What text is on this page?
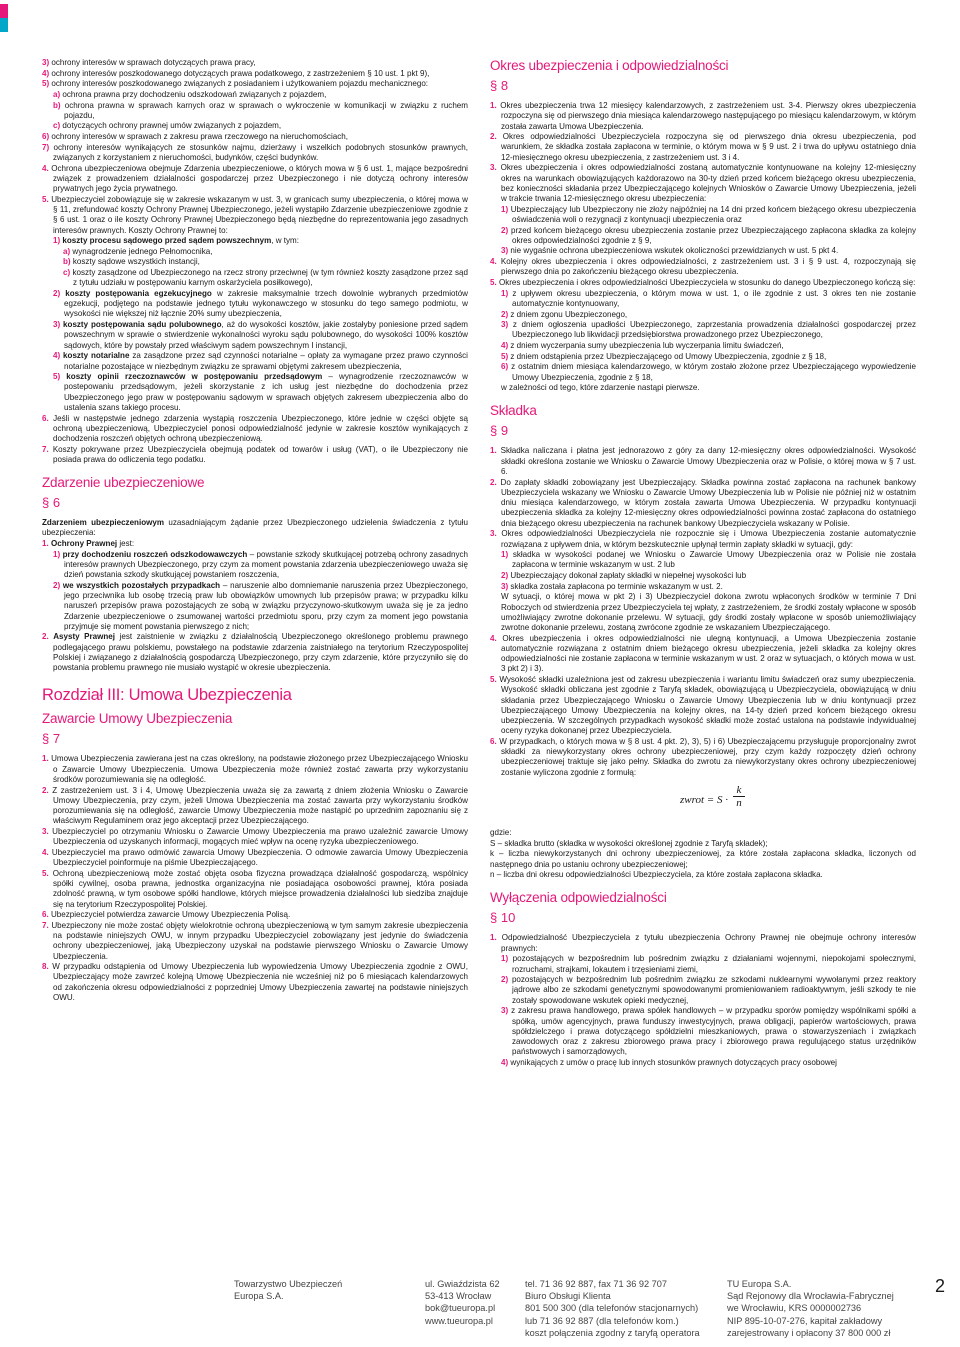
3) ochrony interesów w sprawach dotyczących prawa pracy,
4) ochrony interesów poszkodowanego dotyczących prawa podatkowego, z zastrzeżeniem § 10 ust. 1 pkt 9),
5) ochrony interesów poszkodowanego związanych z posiadaniem i użytkowaniem pojazdu mechanicznego:
a) ochrona prawna przy dochodzeniu odszkodowań związanych z pojazdem,
b) ochrona prawna w sprawach karnych oraz w sprawach o wykroczenie w komunikacji w związku z ruchem pojazdu,
c) dotyczących ochrony prawnej umów związanych z pojazdem,
6) ochrony interesów w sprawach z zakresu prawa rzeczowego na nieruchomościach,
7) ochrony interesów wynikających ze stosunków najmu, dzierżawy i wszelkich podobnych stosunków prawnych, związanych z korzystaniem z nieruchomości, budynków, części budynków.
4. Ochrona ubezpieczeniowa obejmuje Zdarzenia ubezpieczeniowe, o których mowa w § 6 ust. 1, mające bezpośredni związek z prowadzeniem działalności gospodarczej przez Ubezpieczonego i nie dotyczą ochrony interesów prywatnych jego życia prywatnego.
5. Ubezpieczyciel zobowiązuje się w zakresie wskazanym w ust. 3, w granicach sumy ubezpieczenia, o której mowa w § 11, zrefundować koszty Ochrony Prawnej Ubezpieczonego, jeżeli wystąpiło Zdarzenie ubezpieczeniowe zgodnie z § 6 ust. 1 oraz o ile koszty Ochrony Prawnej Ubezpieczonego będą niezbędne do reprezentowania jego zasadnych interesów prawnych. Koszty Ochrony Prawnej to:
1) koszty procesu sądowego przed sądem powszechnym, w tym:
a) wynagrodzenie jednego Pełnomocnika,
b) koszty sądowe wszystkich instancji,
c) koszty zasądzone od Ubezpieczonego na rzecz strony przeciwnej (w tym również koszty zasądzone przez sąd z tytułu udziału w postępowaniu karnym oskarżyciela posiłkowego),
2) koszty postępowania egzekucyjnego w zakresie maksymalnie trzech dowolnie wybranych przedmiotów egzekucji, podjętego na podstawie jednego tytułu wykonawczego w stosunku do tego samego podmiotu, w wysokości nie większej niż łącznie 20% sumy ubezpieczenia,
3) koszty postępowania sądu polubownego, aż do wysokości kosztów, jakie zostałyby poniesione przed sądem powszechnym w sprawie o stwierdzenie wykonalności wyroku sądu polubownego, do wysokości 100% kosztów sądowych, które by powstały przed właściwym sądem powszechnym I instancji,
4) koszty notarialne za zasądzone przez sąd czynności notarialne – opłaty za wymagane przez prawo czynności notarialne pozostające w niezbędnym związku ze sprawami objętymi zakresem ubezpieczenia,
5) koszty opinii rzeczoznawców w postępowaniu przedsądowym – wynagrodzenie rzeczoznawców w postepowaniu przedsądowym, jeżeli skorzystanie z ich usług jest niezbędne do dochodzenia przez Ubezpieczonego jego praw w postępowaniu sądowym w sprawach objętych zakresem ubezpieczenia albo do ustalenia szans takiego procesu.
6. Jeśli w następstwie jednego zdarzenia wystąpią roszczenia Ubezpieczonego, które jednie w części objęte są ochroną ubezpieczeniową, Ubezpieczyciel ponosi odpowiedzialność jedynie w zakresie kosztów wynikających z dochodzenia roszczeń objętych ochroną ubezpieczeniową.
7. Koszty pokrywane przez Ubezpieczyciela obejmują podatek od towarów i usług (VAT), o ile Ubezpieczony nie posiada prawa do odliczenia tego podatku.
Zdarzenie ubezpieczeniowe
§ 6
Zdarzeniem ubezpieczeniowym uzasadniającym żądanie przez Ubezpieczonego udzielenia świadczenia z tytułu ubezpieczenia:
1. Ochrony Prawnej jest:
1) przy dochodzeniu roszczeń odszkodowawczych – powstanie szkody skutkującej potrzebą ochrony zasadnych interesów prawnych Ubezpieczonego, przy czym za moment powstania zdarzenia ubezpieczeniowego uważa się dzień powstania szkody skutkującej powstaniem roszczenia,
2) we wszystkich pozostałych przypadkach – naruszenie albo domniemanie naruszenia przez Ubezpieczonego, jego przeciwnika lub osobę trzecią praw lub obowiązków umownych lub przepisów prawa; w przypadku kilku naruszeń przepisów prawa pozostających ze sobą w związku przyczynowo-skutkowym uważa się je za jedno Zdarzenie ubezpieczeniowe o zsumowanej wartości przedmiotu sporu, przy czym za moment jego powstania przyjmuje się moment powstania pierwszego z nich;
2. Asysty Prawnej jest zaistnienie w związku z działalnością Ubezpieczonego określonego problemu prawnego podlegającego prawu polskiemu, powstałego na podstawie zdarzenia zaistniałego na terytorium Rzeczypospolitej Polskiej i związanego z działalnością gospodarczą Ubezpieczonego, przy czym zdarzenie, które przyczyniło się do powstania problemu prawnego nie musiało wystąpić w okresie ubezpieczenia.
Rozdział III: Umowa Ubezpieczenia
Zawarcie Umowy Ubezpieczenia
§ 7
1. Umowa Ubezpieczenia zawierana jest na czas określony, na podstawie złożonego przez Ubezpieczającego Wniosku o Zawarcie Umowy Ubezpieczenia. Umowa Ubezpieczenia może również zostać zawarta przy wykorzystaniu środków porozumiewania się na odległość.
2. Z zastrzeżeniem ust. 3 i 4, Umowę Ubezpieczenia uważa się za zawartą z dniem złożenia Wniosku o Zawarcie Umowy Ubezpieczenia, przy czym, jeżeli Umowa Ubezpieczenia ma zostać zawarta przy wykorzystaniu środków porozumiewania się na odległość, zawarcie Umowy Ubezpieczenia może nastąpić po uprzednim zapoznaniu się z właściwym Regulaminem oraz jego akceptacji przez Ubezpieczającego.
3. Ubezpieczyciel po otrzymaniu Wniosku o Zawarcie Umowy Ubezpieczenia ma prawo uzależnić zawarcie Umowy Ubezpieczenia od uzyskanych informacji, mogących mieć wpływ na ocenę ryzyka ubezpieczeniowego.
4. Ubezpieczyciel ma prawo odmówić zawarcia Umowy Ubezpieczenia. O odmowie zawarcia Umowy Ubezpieczenia Ubezpieczyciel poinformuje na piśmie Ubezpieczającego.
5. Ochroną ubezpieczeniową może zostać objęta osoba fizyczna prowadząca działalność gospodarczą, wspólnicy spółki cywilnej, osoba prawna, jednostka organizacyjna nie posiadająca osobowości prawnej, która posiada zdolność prawną, w tym osobowe spółki handlowe, których miejsce prowadzenia działalności lub siedziba znajduje się na terytorium Rzeczypospolitej Polskiej.
6. Ubezpieczyciel potwierdza zawarcie Umowy Ubezpieczenia Polisą.
7. Ubezpieczony nie może zostać objęty wielokrotnie ochroną ubezpieczeniową w tym samym zakresie ubezpieczenia na podstawie niniejszych OWU, w innym przypadku Ubezpieczyciel zobowiązany jest jedynie do świadczenia ochrony ubezpieczeniowej, jaką Ubezpieczony uzyskał na podstawie pierwszego Wniosku o Zawarcie Umowy Ubezpieczenia.
8. W przypadku odstąpienia od Umowy Ubezpieczenia lub wypowiedzenia Umowy Ubezpieczenia zgodnie z OWU, Ubezpieczający może zawrzeć kolejną Umowę Ubezpieczenia nie wcześniej niż po 6 miesiącach kalendarzowych od zakończenia okresu odpowiedzialności z poprzedniej Umowy Ubezpieczenia zawartej na podstawie niniejszych OWU.
Okres ubezpieczenia i odpowiedzialności
§ 8
1. Okres ubezpieczenia trwa 12 miesięcy kalendarzowych, z zastrzeżeniem ust. 3-4. Pierwszy okres ubezpieczenia rozpoczyna się od pierwszego dnia miesiąca kalendarzowego następującego po miesiącu kalendarzowym, w którym została zawarta Umowa Ubezpieczenia.
2. Okres odpowiedzialności Ubezpieczyciela rozpoczyna się od pierwszego dnia okresu ubezpieczenia, pod warunkiem, że składka została zapłacona w terminie, o którym mowa w § 9 ust. 2 i trwa do upływu ostatniego dnia 12-miesięcznego okresu ubezpieczenia, z zastrzeżeniem ust. 3 i 4.
3. Okres ubezpieczenia i okres odpowiedzialności zostaną automatycznie kontynuowane na kolejny 12-miesięczny okres na warunkach obowiązujących każdorazowo na 30-ty dzień przed końcem bieżącego okresu ubezpieczenia, bez konieczności składania przez Ubezpieczającego kolejnych Wniosków o Zawarcie Umowy Ubezpieczenia, jeżeli w trakcie trwania 12-miesięcznego okresu ubezpieczenia:
1) Ubezpieczający lub Ubezpieczony nie złoży najpóźniej na 14 dni przed końcem bieżącego okresu ubezpieczenia oświadczenia woli o rezygnacji z kontynuacji ubezpieczenia oraz
2) przed końcem bieżącego okresu ubezpieczenia zostanie przez Ubezpieczającego zapłacona składka za kolejny okres odpowiedzialności zgodnie z § 9,
3) nie wygaśnie ochrona ubezpieczeniowa wskutek okoliczności przewidzianych w ust. 5 pkt 4.
4. Kolejny okres ubezpieczenia i okres odpowiedzialności, z zastrzeżeniem ust. 3 i § 9 ust. 4, rozpoczynają się pierwszego dnia po zakończeniu bieżącego okresu ubezpieczenia.
5. Okres ubezpieczenia i okres odpowiedzialności Ubezpieczyciela w stosunku do danego Ubezpieczonego kończą się:
1) z upływem okresu ubezpieczenia, o którym mowa w ust. 1, o ile zgodnie z ust. 3 okres ten nie zostanie automatycznie kontynuowany,
2) z dniem zgonu Ubezpieczonego,
3) z dniem ogłoszenia upadłości Ubezpieczonego, zaprzestania prowadzenia działalności gospodarczej przez Ubezpieczonego lub likwidacji przedsiębiorstwa prowadzonego przez Ubezpieczonego,
4) z dniem wyczerpania sumy ubezpieczenia lub wyczerpania limitu świadczeń,
5) z dniem odstąpienia przez Ubezpieczającego od Umowy Ubezpieczenia, zgodnie z § 18,
6) z ostatnim dniem miesiąca kalendarzowego, w którym zostało złożone przez Ubezpieczającego wypowiedzenie Umowy Ubezpieczenia, zgodnie z § 18,
w zależności od tego, które zdarzenie nastąpi pierwsze.
Składka
§ 9
1. Składka naliczana i płatna jest jednorazowo z góry za dany 12-miesięczny okres odpowiedzialności. Wysokość składki określona zostanie we Wniosku o Zawarcie Umowy Ubezpieczenia oraz w Polisie, o której mowa w § 7 ust. 6.
2. Do zapłaty składki zobowiązany jest Ubezpieczający. Składka powinna zostać zapłacona na rachunek bankowy Ubezpieczyciela wskazany we Wniosku o Zawarcie Umowy Ubezpieczenia lub w Polisie nie później niż w ostatnim dniu miesiąca kalendarzowego, w którym została zawarta Umowa Ubezpieczenia. W przypadku kontynuacji ubezpieczenia składka za kolejny 12-miesięczny okres odpowiedzialności powinna zostać zapłacona do ostatniego dnia bieżącego okresu ubezpieczenia na rachunek bankowy Ubezpieczyciela wskazany w Polisie.
3. Okres odpowiedzialności Ubezpieczyciela nie rozpocznie się i Umowa Ubezpieczenia zostanie automatycznie rozwiązana z upływem dnia, w którym bezskutecznie upłynął termin zapłaty składki w sytuacji, gdy:
1) składka w wysokości podanej we Wniosku o Zawarcie Umowy Ubezpieczenia oraz w Polisie nie została zapłacona w terminie wskazanym w ust. 2 lub
2) Ubezpieczający dokonał zapłaty składki w niepełnej wysokości lub
3) składka została zapłacona po terminie wskazanym w ust. 2.
W sytuacji, o której mowa w pkt 2) i 3) Ubezpieczyciel dokona zwrotu wpłaconych środków w terminie 7 Dni Roboczych od stwierdzenia przez Ubezpieczyciela tej wpłaty, z zastrzeżeniem, że środki zostały wpłacone w sposób umożliwiający zwrotne dokonanie przelewu. W sytuacji, gdy środki zostały wpłacone w sposób uniemożliwiający zwrotne dokonanie przelewu, zostaną zwrócone zgodnie ze wskazaniem Ubezpieczającego.
4. Okres ubezpieczenia i okres odpowiedzialności nie ulegną kontynuacji, a Umowa Ubezpieczenia zostanie automatycznie rozwiązana z ostatnim dniem bieżącego okresu ubezpieczenia, jeżeli składka za kolejny okres odpowiedzialności nie zostanie zapłacona w terminie wskazanym w ust. 2 oraz w sytuacjach, o których mowa w ust. 3 pkt 2) i 3).
5. Wysokość składki uzależniona jest od zakresu ubezpieczenia i wariantu limitu świadczeń oraz sumy ubezpieczenia. Wysokość składki obliczana jest zgodnie z Taryfą składek, obowiązującą u Ubezpieczyciela, obowiązującą w dniu składania przez Ubezpieczającego Wniosku o Zawarcie Umowy Ubezpieczenia lub w dniu kontynuacji przez Ubezpieczającego Umowy Ubezpieczenia na kolejny okres, na 14-ty dzień przed końcem bieżącego okresu ubezpieczenia. W szczególnych przypadkach wysokość składki może zostać ustalona na podstawie indywidualnej oceny ryzyka dokonanej przez Ubezpieczyciela.
6. W przypadkach, o których mowa w § 8 ust. 4 pkt. 2), 3), 5) i 6) Ubezpieczającemu przysługuje proporcjonalny zwrot składki za niewykorzystany okres ochrony ubezpieczeniowej, przy czym każdy rozpoczęty dzień ochrony ubezpieczeniowej traktuje się jako pełny. Składka do zwrotu za niewykorzystany okres ochrony ubezpieczeniowej zostanie wyliczona zgodnie z formułą:
zwrot = $S \cdot \frac{k}{n}$
gdzie:
S – składka brutto (składka w wysokości określonej zgodnie z Taryfą składek);
k – liczba niewykorzystanych dni ochrony ubezpieczeniowej, za które została zapłacona składka, liczonych od następnego dnia po ustaniu ochrony ubezpieczeniowej;
n – liczba dni okresu odpowiedzialności Ubezpieczyciela, za które została zapłacona składka.
Wyłączenia odpowiedzialności
§ 10
1. Odpowiedzialność Ubezpieczyciela z tytułu ubezpieczenia Ochrony Prawnej nie obejmuje ochrony interesów prawnych:
1) pozostających w bezpośrednim lub pośrednim związku z działaniami wojennymi, niepokojami społecznymi, rozruchami, strajkami, lokautem i trzęsieniami ziemi,
2) pozostających w bezpośrednim lub pośrednim związku ze szkodami nuklearnymi wywołanymi przez reaktory jądrowe albo ze szkodami genetycznymi spowodowanymi promieniowaniem radioaktywnym, jeśli szkody te nie zostały spowodowane wskutek opieki medycznej,
3) z zakresu prawa handlowego, prawa spółek handlowych – w przypadku sporów pomiędzy wspólnikami spółki a spółką, umów agencyjnych, prawa funduszy inwestycyjnych, prawa obligacji, papierów wartościowych, prawa spółdzielczego i prawa dotyczącego spółdzielni mieszkaniowych, prawa o stowarzyszeniach i związkach zawodowych oraz z zakresu zbiorowego prawa pracy i zbiorowego prawa regulującego status urzędników państwowych i samorządowych,
4) wynikających z umów o pracę lub innych stosunków prawnych dotyczących pracy osobowej
Towarzystwo Ubezpieczeń
Europa S.A.
ul. Gwiaździsta 62
53-413 Wrocław
bok@tueuropa.pl
www.tueuropa.pl
tel. 71 36 92 887, fax 71 36 92 707
Biuro Obsługi Klienta
801 500 300 (dla telefonów stacjonarnych)
lub 71 36 92 887 (dla telefonów kom.)
koszt połączenia zgodny z taryfą operatora
TU Europa S.A.
Sąd Rejonowy dla Wrocławia-Fabrycznej
we Wrocławiu, KRS 0000002736
NIP 895-10-07-276, kapitał zakładowy
zarejestrowany i opłacony 37 800 000 zł
2
